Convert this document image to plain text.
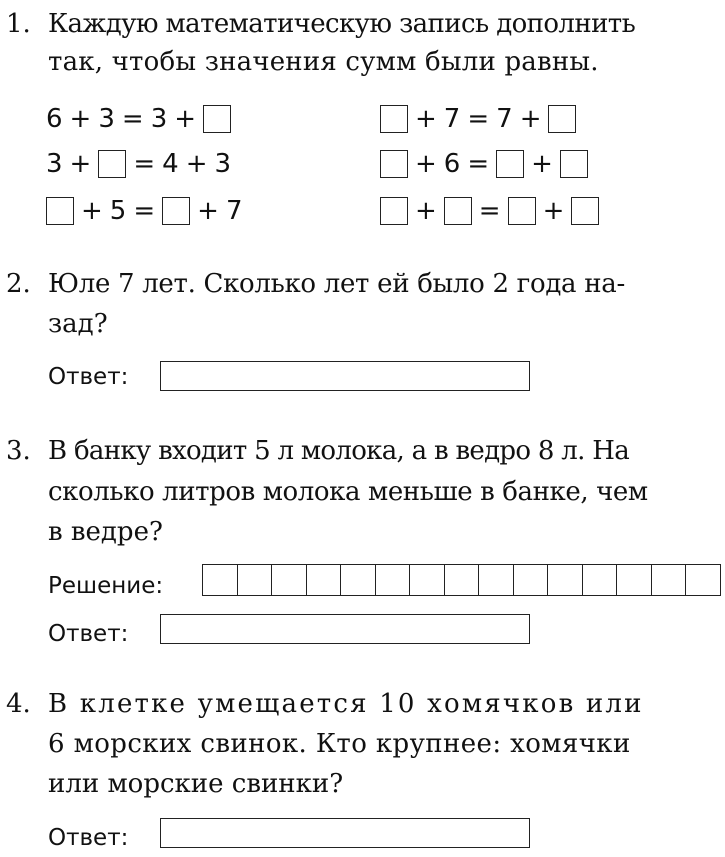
1. Каждую математическую запись дополнить
так, чтобы значения сумм были равны.
6 + 3 = 3 +	+ 7 = 7 +
3 + = 4 + 3	+ 6 = +
+ 5 = + 7	+ = +
2. Юле 7 лет. Сколько лет ей было 2 года на-
зад?
Ответ:
3. В банку входит 5 л молока, а в ведро 8 л. На
сколько литров молока меньше в банке, чем
в ведре?
Решение:
Ответ:
4. В клетке умещается 10 хомячков или
6 морских свинок. Кто крупнее: хомячки
или морские свинки?
Ответ:
